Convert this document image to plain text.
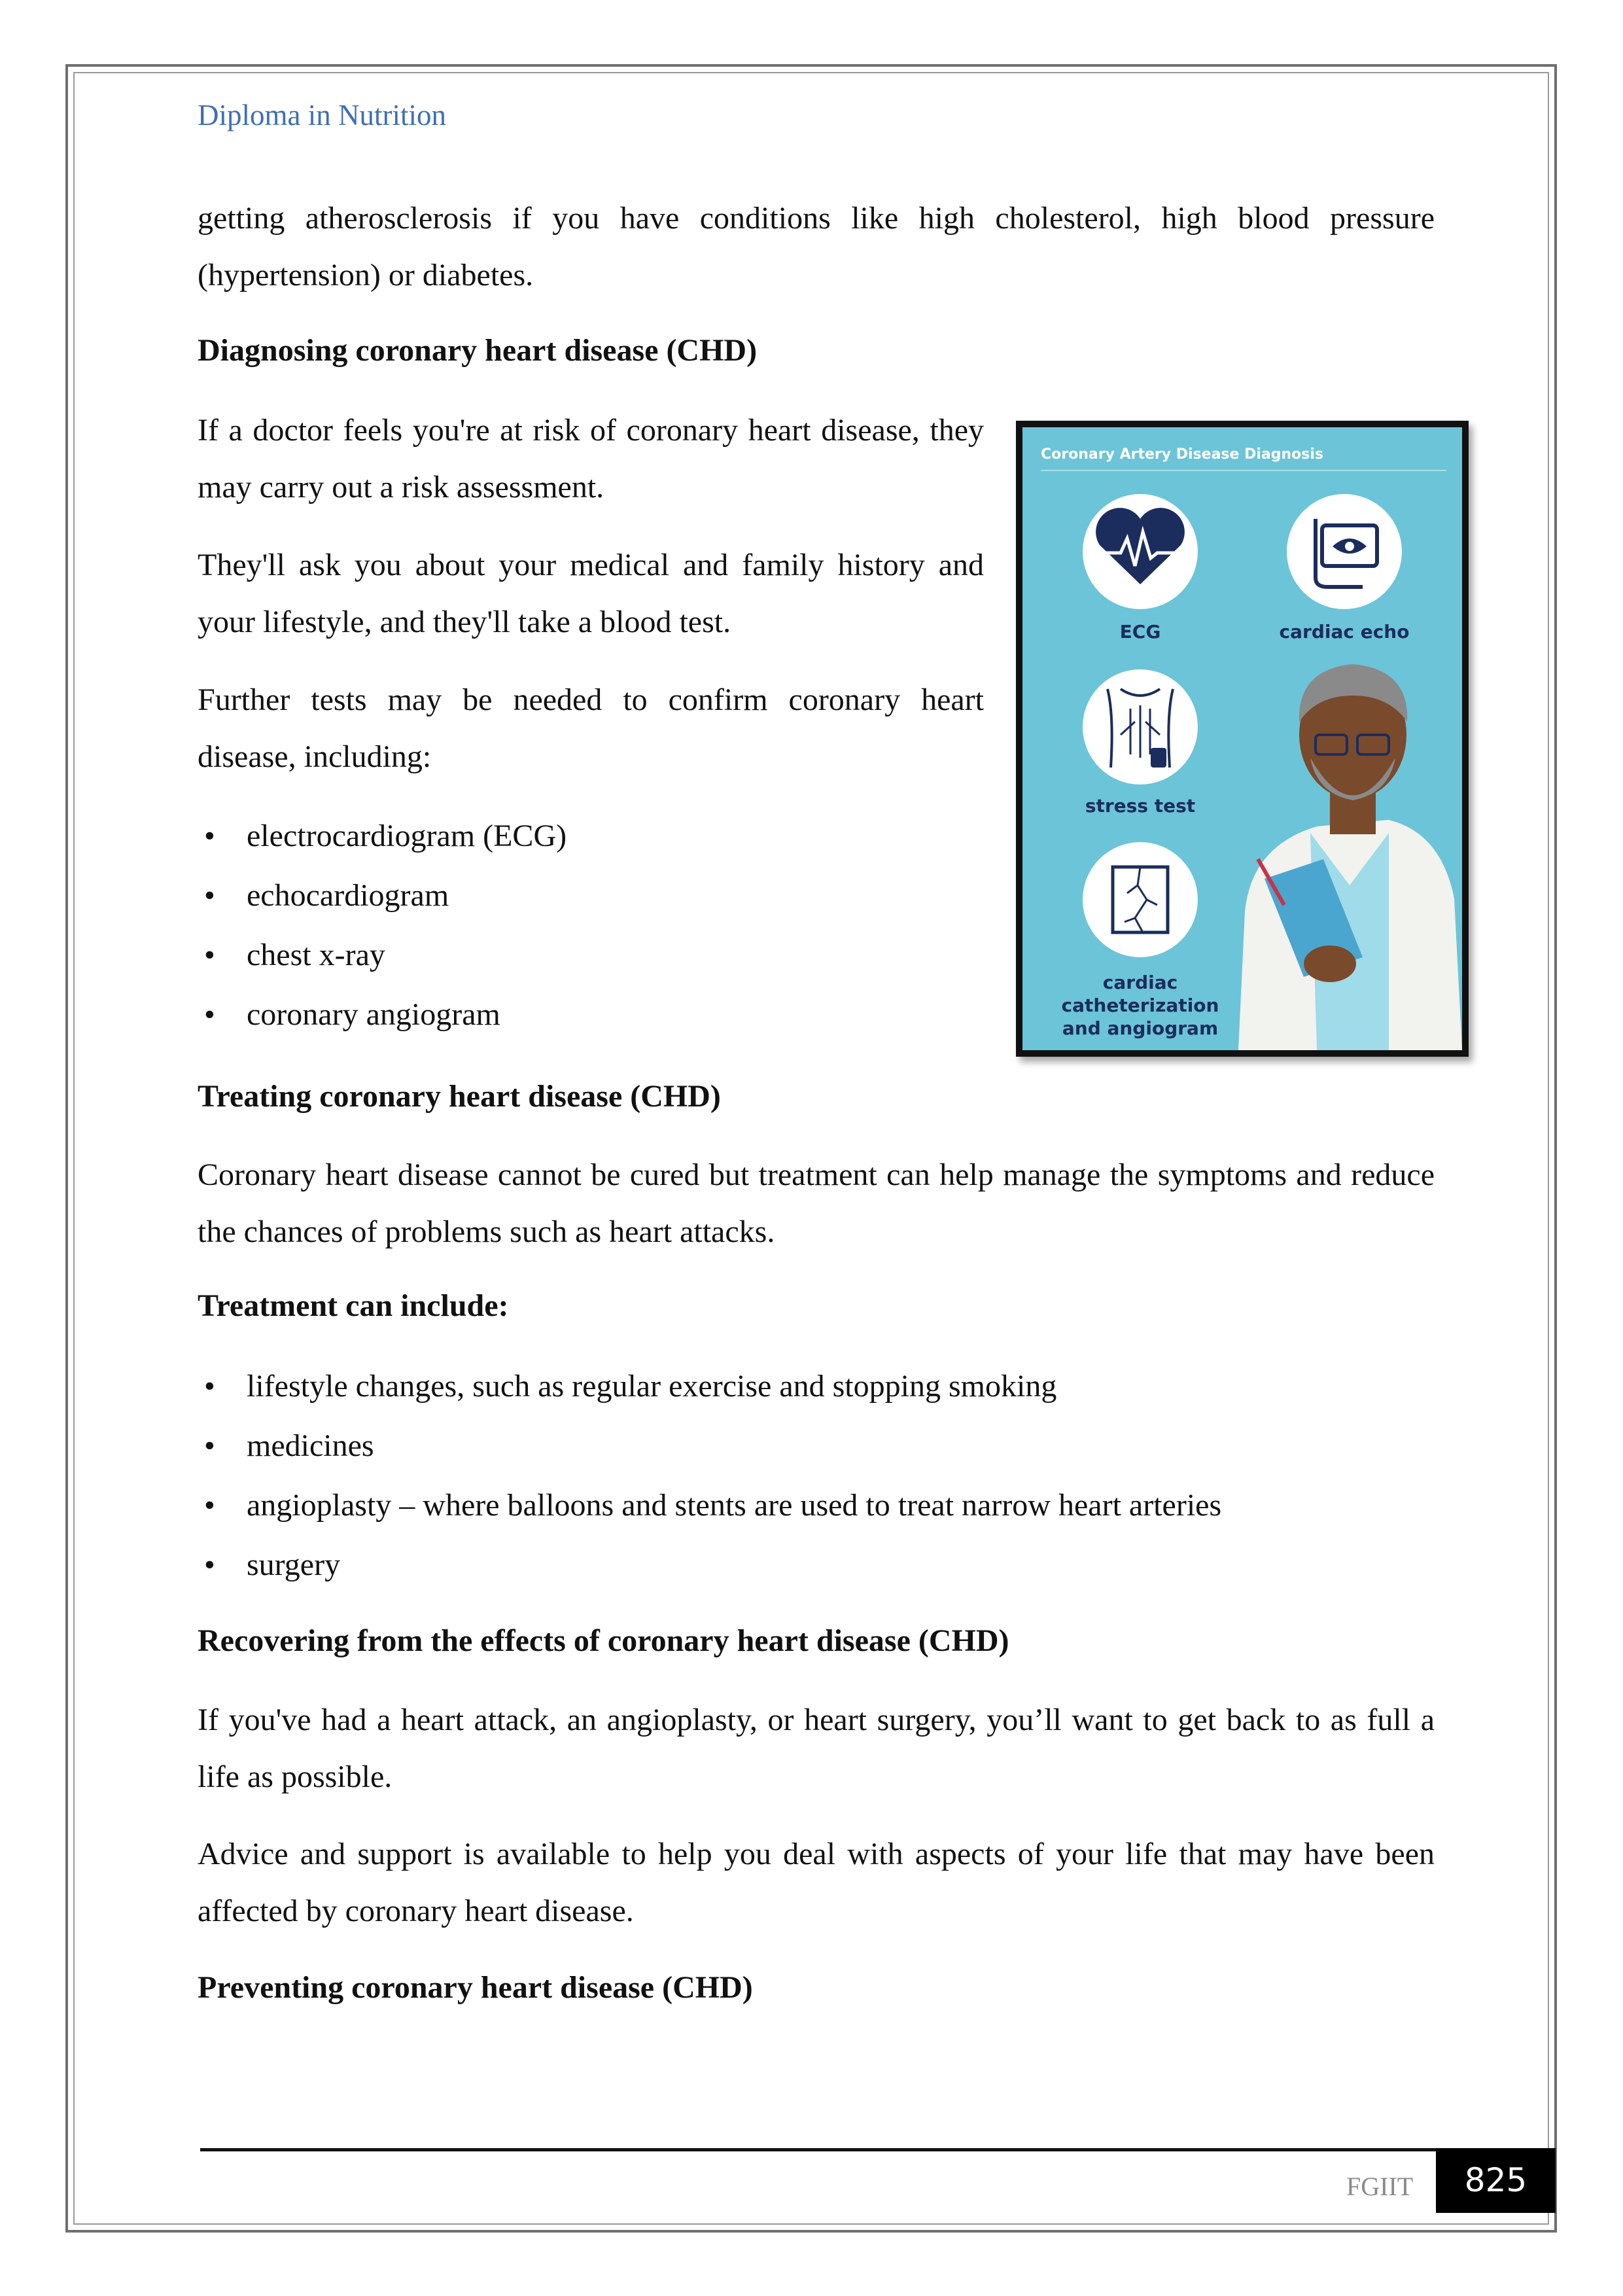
Diploma in Nutrition

getting atherosclerosis if you have conditions like high cholesterol, high blood pressure (hypertension) or diabetes.

Diagnosing coronary heart disease (CHD)

If a doctor feels you're at risk of coronary heart disease, they may carry out a risk assessment.

They'll ask you about your medical and family history and your lifestyle, and they'll take a blood test.

Further tests may be needed to confirm coronary heart disease, including:

• electrocardiogram (ECG)
• echocardiogram
• chest x-ray
• coronary angiogram
Coronary Artery Disease Diagnosis
ECG	cardiac echo
stress test
cardiac
catheterization
and angiogram

Treating coronary heart disease (CHD)

Coronary heart disease cannot be cured but treatment can help manage the symptoms and reduce the chances of problems such as heart attacks.

Treatment can include:

• lifestyle changes, such as regular exercise and stopping smoking
• medicines
• angioplasty – where balloons and stents are used to treat narrow heart arteries
• surgery

Recovering from the effects of coronary heart disease (CHD)

If you've had a heart attack, an angioplasty, or heart surgery, you’ll want to get back to as full a life as possible.

Advice and support is available to help you deal with aspects of your life that may have been affected by coronary heart disease.

Preventing coronary heart disease (CHD)

FGIIT	825
